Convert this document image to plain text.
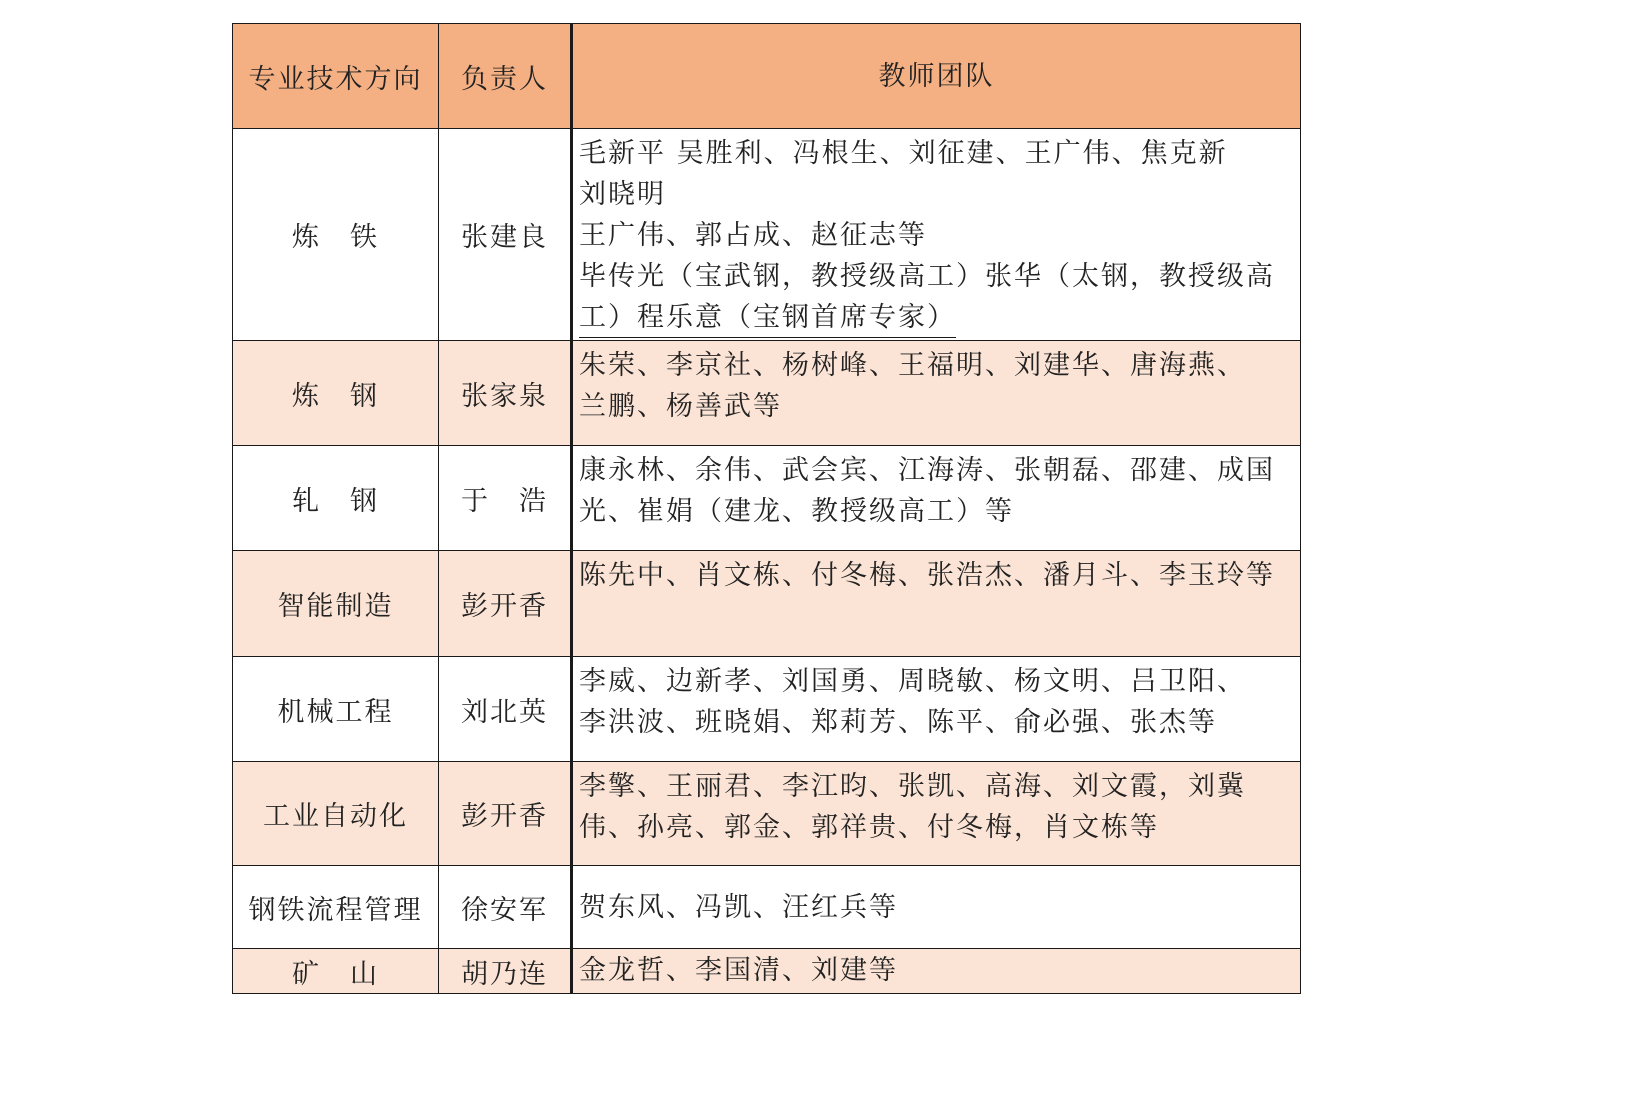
专业技术方向	负责人	教师团队
炼　铁	张建良	毛新平 吴胜利、冯根生、刘征建、王广伟、焦克新
刘晓明
王广伟、郭占成、赵征志等
毕传光（宝武钢，教授级高工）张华（太钢，教授级高
工）程乐意（宝钢首席专家）

炼　钢	张家泉	朱荣、李京社、杨树峰、王福明、刘建华、唐海燕、
兰鹏、杨善武等

轧　钢	于　浩	康永林、余伟、武会宾、江海涛、张朝磊、邵建、成国
光、崔娟（建龙、教授级高工）等

智能制造	彭开香	陈先中、肖文栋、付冬梅、张浩杰、潘月斗、李玉玲等

机械工程	刘北英	李威、边新孝、刘国勇、周晓敏、杨文明、吕卫阳、
李洪波、班晓娟、郑莉芳、陈平、俞必强、张杰等

工业自动化	彭开香	李擎、王丽君、李江昀、张凯、高海、刘文霞，刘冀
伟、孙亮、郭金、郭祥贵、付冬梅，肖文栋等

钢铁流程管理	徐安军	贺东风、冯凯、汪红兵等

矿　山	胡乃连	金龙哲、李国清、刘建等
